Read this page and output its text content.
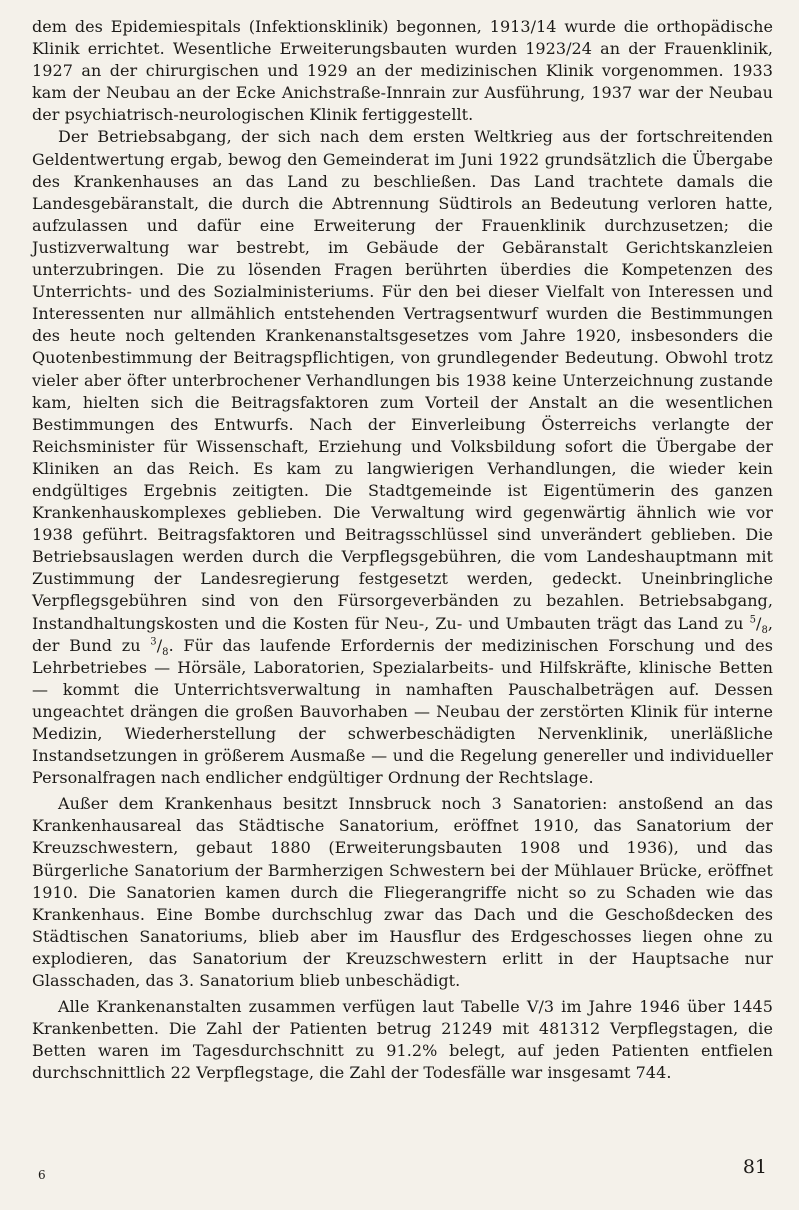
dem des Epidemiespitals (Infektionsklinik) begonnen, 1913/14 wurde die orthopädische Klinik errichtet. Wesentliche Erweiterungsbauten wurden 1923/24 an der Frauenklinik, 1927 an der chirurgischen und 1929 an der medizinischen Klinik vorgenommen. 1933 kam der Neubau an der Ecke Anichstraße-Innrain zur Ausführung, 1937 war der Neubau der psychiatrisch-neurologischen Klinik fertiggestellt.

Der Betriebsabgang, der sich nach dem ersten Weltkrieg aus der fortschreitenden Geldentwertung ergab, bewog den Gemeinderat im Juni 1922 grundsätzlich die Übergabe des Krankenhauses an das Land zu beschließen. Das Land trachtete damals die Landesgebäranstalt, die durch die Abtrennung Südtirols an Bedeutung verloren hatte, aufzulassen und dafür eine Erweiterung der Frauenklinik durchzusetzen; die Justizverwaltung war bestrebt, im Gebäude der Gebäranstalt Gerichtskanzleien unterzubringen. Die zu lösenden Fragen berührten überdies die Kompetenzen des Unterrichts- und des Sozialministeriums. Für den bei dieser Vielfalt von Interessen und Interessenten nur allmählich entstehenden Vertragsentwurf wurden die Bestimmungen des heute noch geltenden Krankenanstaltsgesetzes vom Jahre 1920, insbesonders die Quotenbestimmung der Beitragspflichtigen, von grundlegender Bedeutung. Obwohl trotz vieler aber öfter unterbrochener Verhandlungen bis 1938 keine Unterzeichnung zustande kam, hielten sich die Beitragsfaktoren zum Vorteil der Anstalt an die wesentlichen Bestimmungen des Entwurfs. Nach der Einverleibung Österreichs verlangte der Reichsminister für Wissenschaft, Erziehung und Volksbildung sofort die Übergabe der Kliniken an das Reich. Es kam zu langwierigen Verhandlungen, die wieder kein endgültiges Ergebnis zeitigten. Die Stadtgemeinde ist Eigentümerin des ganzen Krankenhauskomplexes geblieben. Die Verwaltung wird gegenwärtig ähnlich wie vor 1938 geführt. Beitragsfaktoren und Beitragsschlüssel sind unverändert geblieben. Die Betriebsauslagen werden durch die Verpflegsgebühren, die vom Landeshauptmann mit Zustimmung der Landesregierung festgesetzt werden, gedeckt. Uneinbringliche Verpflegsgebühren sind von den Fürsorgeverbänden zu bezahlen. Betriebsabgang, Instandhaltungskosten und die Kosten für Neu-, Zu- und Umbauten trägt das Land zu $^5/_8$, der Bund zu $^3/_8$. Für das laufende Erfordernis der medizinischen Forschung und des Lehrbetriebes — Hörsäle, Laboratorien, Spezialarbeits- und Hilfskräfte, klinische Betten — kommt die Unterrichtsverwaltung in namhaften Pauschalbeträgen auf. Dessen ungeachtet drängen die großen Bauvorhaben — Neubau der zerstörten Klinik für interne Medizin, Wiederherstellung der schwerbeschädigten Nervenklinik, unerläßliche Instandsetzungen in größerem Ausmaße — und die Regelung genereller und individueller Personalfragen nach endlicher endgültiger Ordnung der Rechtslage.

Außer dem Krankenhaus besitzt Innsbruck noch 3 Sanatorien: anstoßend an das Krankenhausareal das Städtische Sanatorium, eröffnet 1910, das Sanatorium der Kreuzschwestern, gebaut 1880 (Erweiterungsbauten 1908 und 1936), und das Bürgerliche Sanatorium der Barmherzigen Schwestern bei der Mühlauer Brücke, eröffnet 1910. Die Sanatorien kamen durch die Fliegerangriffe nicht so zu Schaden wie das Krankenhaus. Eine Bombe durchschlug zwar das Dach und die Geschoßdecken des Städtischen Sanatoriums, blieb aber im Hausflur des Erdgeschosses liegen ohne zu explodieren, das Sanatorium der Kreuzschwestern erlitt in der Hauptsache nur Glasschaden, das 3. Sanatorium blieb unbeschädigt.

Alle Krankenanstalten zusammen verfügen laut Tabelle V/3 im Jahre 1946 über 1445 Krankenbetten. Die Zahl der Patienten betrug 21249 mit 481312 Verpflegstagen, die Betten waren im Tagesdurchschnitt zu 91.2% belegt, auf jeden Patienten entfielen durchschnittlich 22 Verpflegstage, die Zahl der Todesfälle war insgesamt 744.

6	81
